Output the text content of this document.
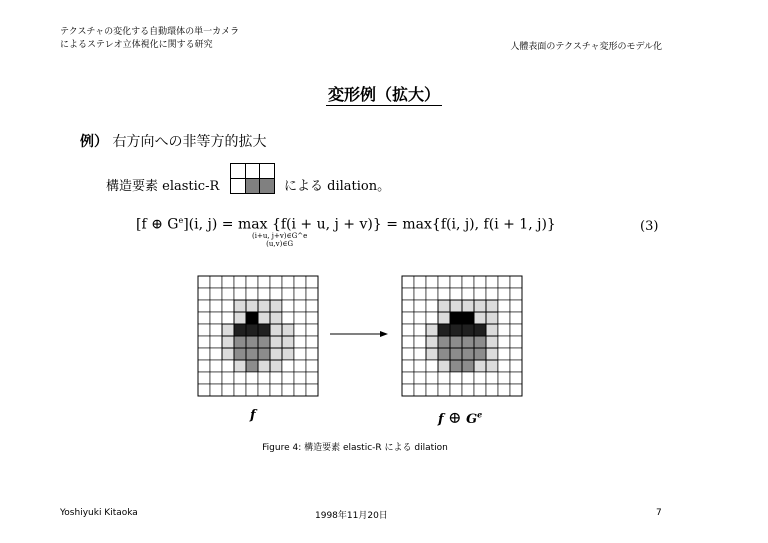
テクスチャの変化する自動環体の単一カメラ
によるステレオ立体視化に関する研究	人體表面のテクスチャ変形のモデル化
変形例（拡大）
例） 右方向への非等方的拡大
構造要素 elastic-R

			による dilation。
[f ⊕ $G^e](i$, j) = max {f(i + u, j + v)} = max{f(i, j), f(i + 1, j)}
(i+u, j+v)∈G^e
(u,v)∈G
(3)
f	f ⊕ $G^e$
Figure 4: 構造要素 elastic-R による dilation
Yoshiyuki Kitaoka	1998年11月20日	7
